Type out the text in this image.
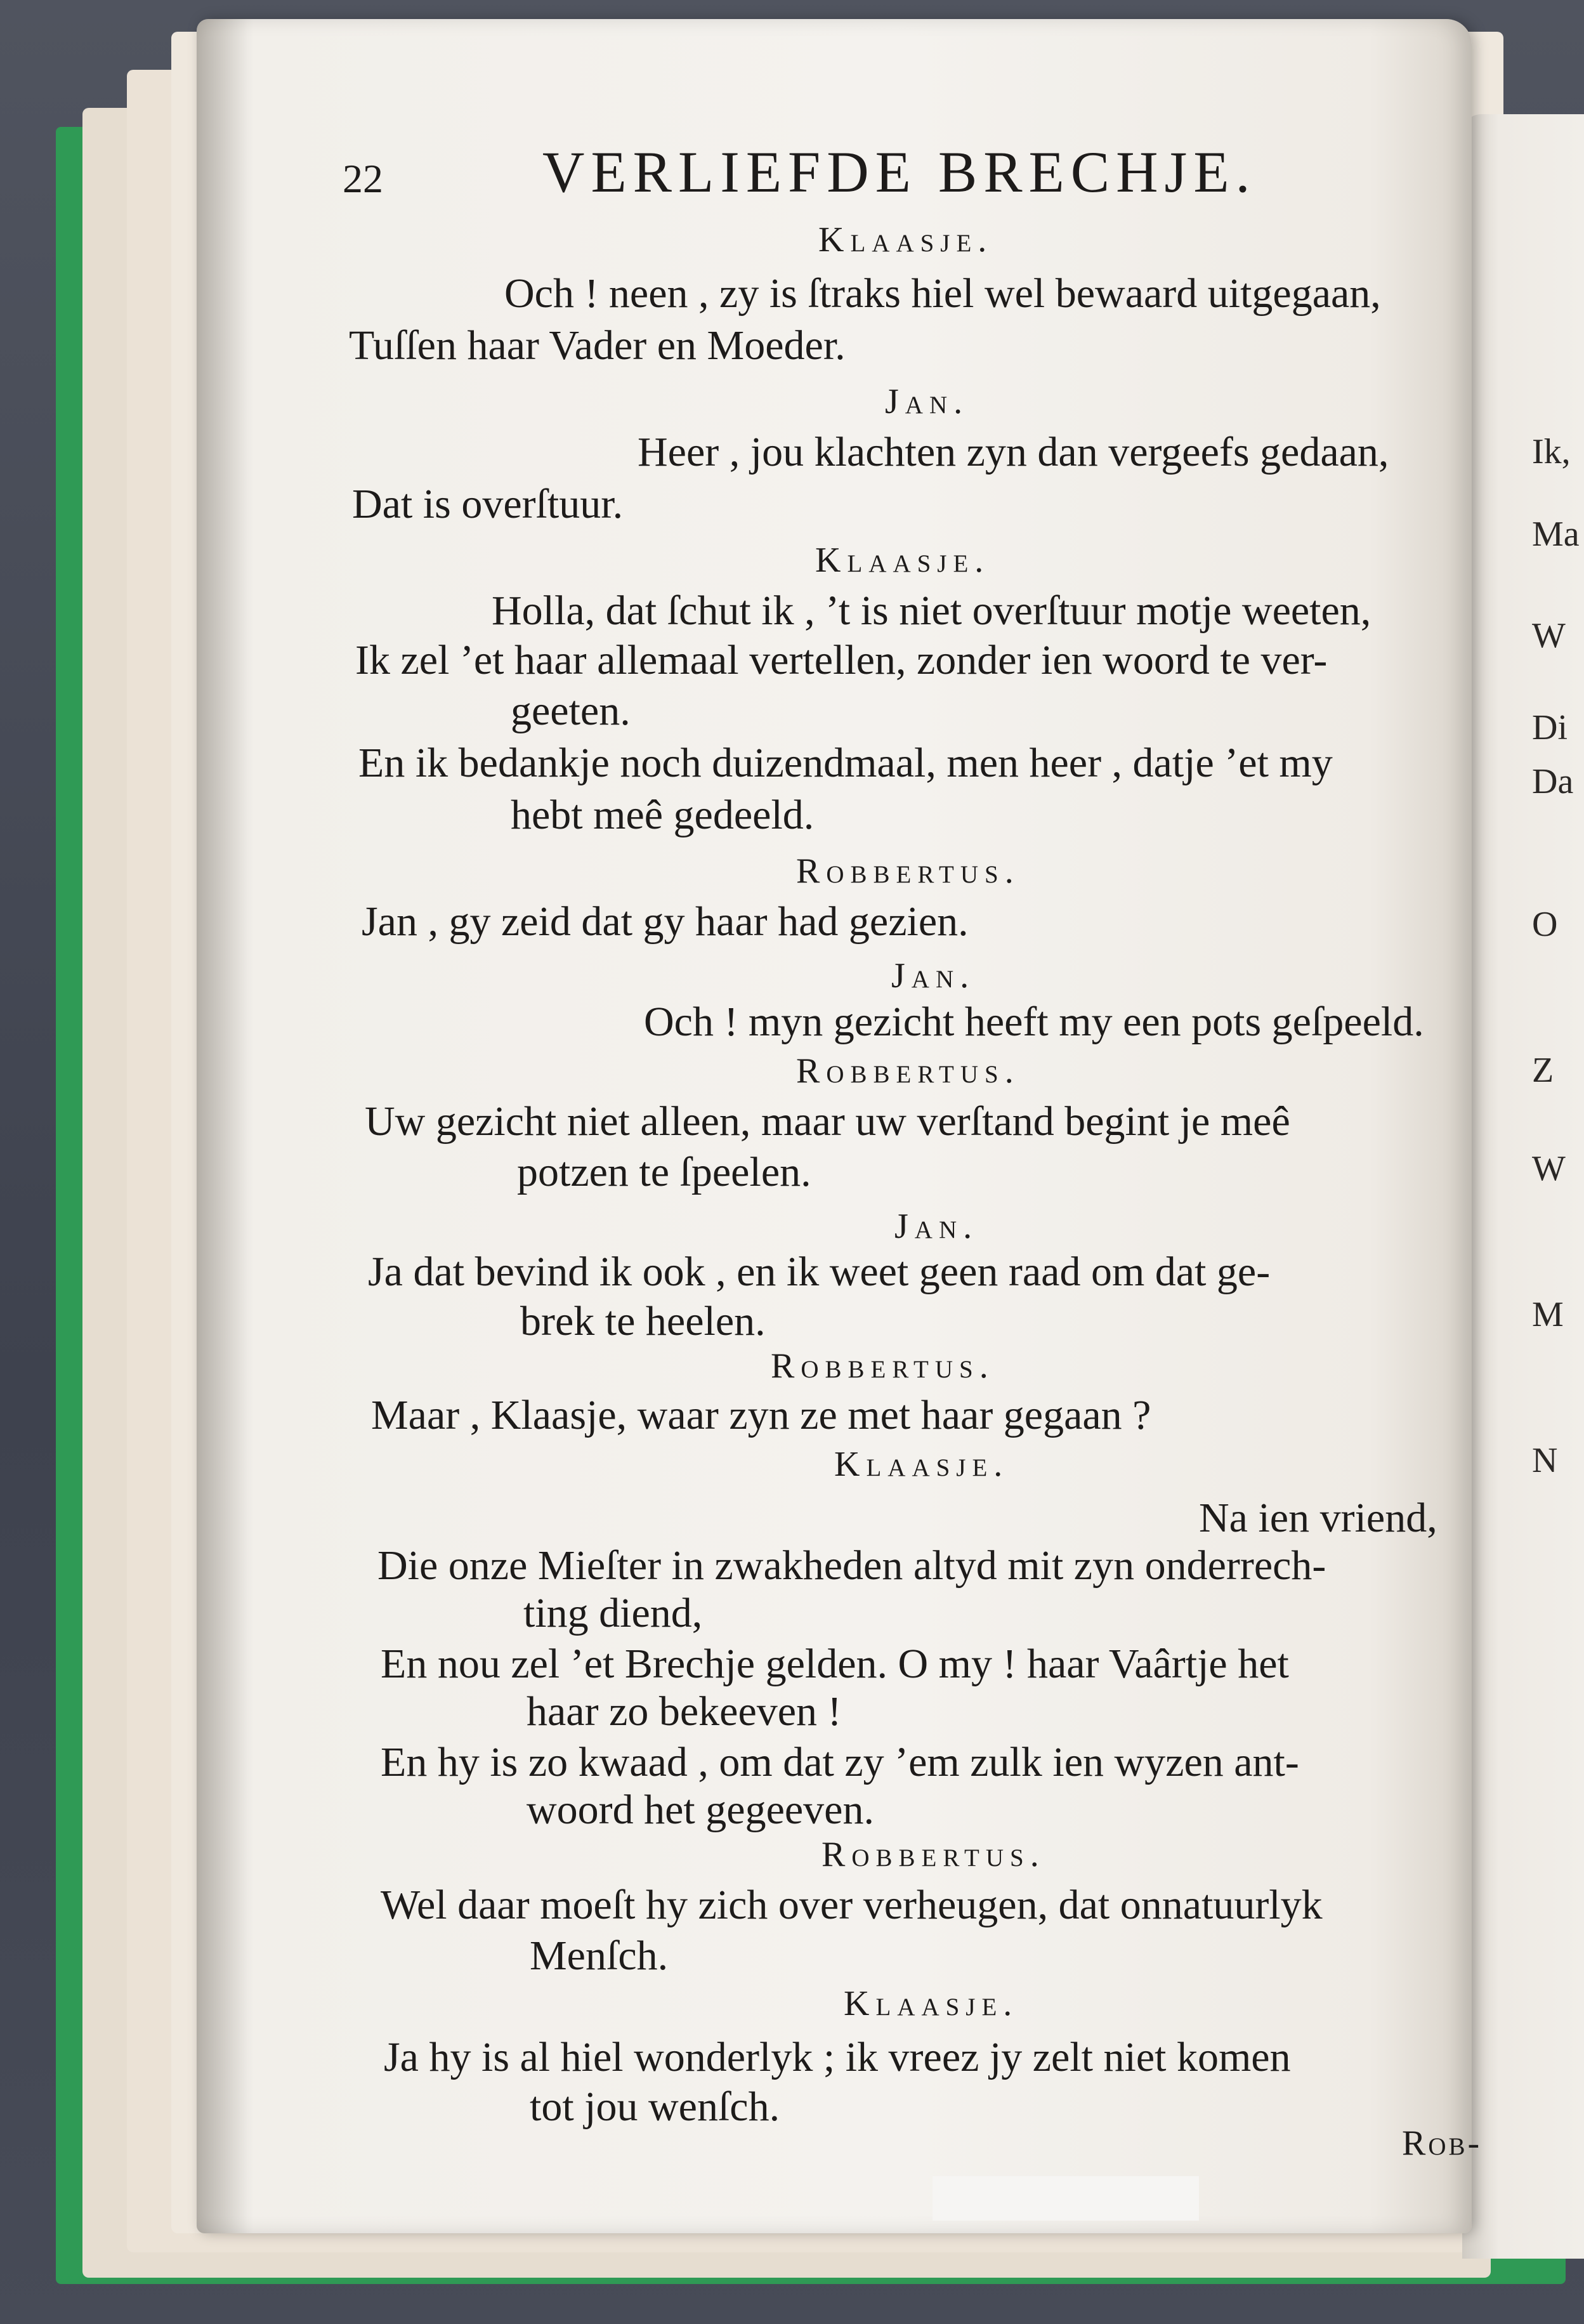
Ik,
Ma
W
Di
Da
O
Z
W
M
N
22	VERLIEFDE BRECHJE.
Klaasje.
Och ! neen , zy is ſtraks hiel wel bewaard uitgegaan,
Tuſſen haar Vader en Moeder.
Jan.
Heer , jou klachten zyn dan vergeefs gedaan,
Dat is overſtuur.
Klaasje.
Holla, dat ſchut ik , ’t is niet overſtuur motje weeten,
Ik zel ’et haar allemaal vertellen, zonder ien woord te ver-
geeten.
En ik bedankje noch duizendmaal, men heer , datje ’et my
hebt meê gedeeld.
Robbertus.
Jan , gy zeid dat gy haar had gezien.
Jan.
Och ! myn gezicht heeft my een pots geſpeeld.
Robbertus.
Uw gezicht niet alleen, maar uw verſtand begint je meê
potzen te ſpeelen.
Jan.
Ja dat bevind ik ook , en ik weet geen raad om dat ge-
brek te heelen.
Robbertus.
Maar , Klaasje, waar zyn ze met haar gegaan ?
Klaasje.
Na ien vriend,
Die onze Mieſter in zwakheden altyd mit zyn onderrech-
ting diend,
En nou zel ’et Brechje gelden. O my ! haar Vaârtje het
haar zo bekeeven !
En hy is zo kwaad , om dat zy ’em zulk ien wyzen ant-
woord het gegeeven.
Robbertus.
Wel daar moeſt hy zich over verheugen, dat onnatuurlyk
Menſch.
Klaasje.
Ja hy is al hiel wonderlyk ; ik vreez jy zelt niet komen
tot jou wenſch.
Rob-
